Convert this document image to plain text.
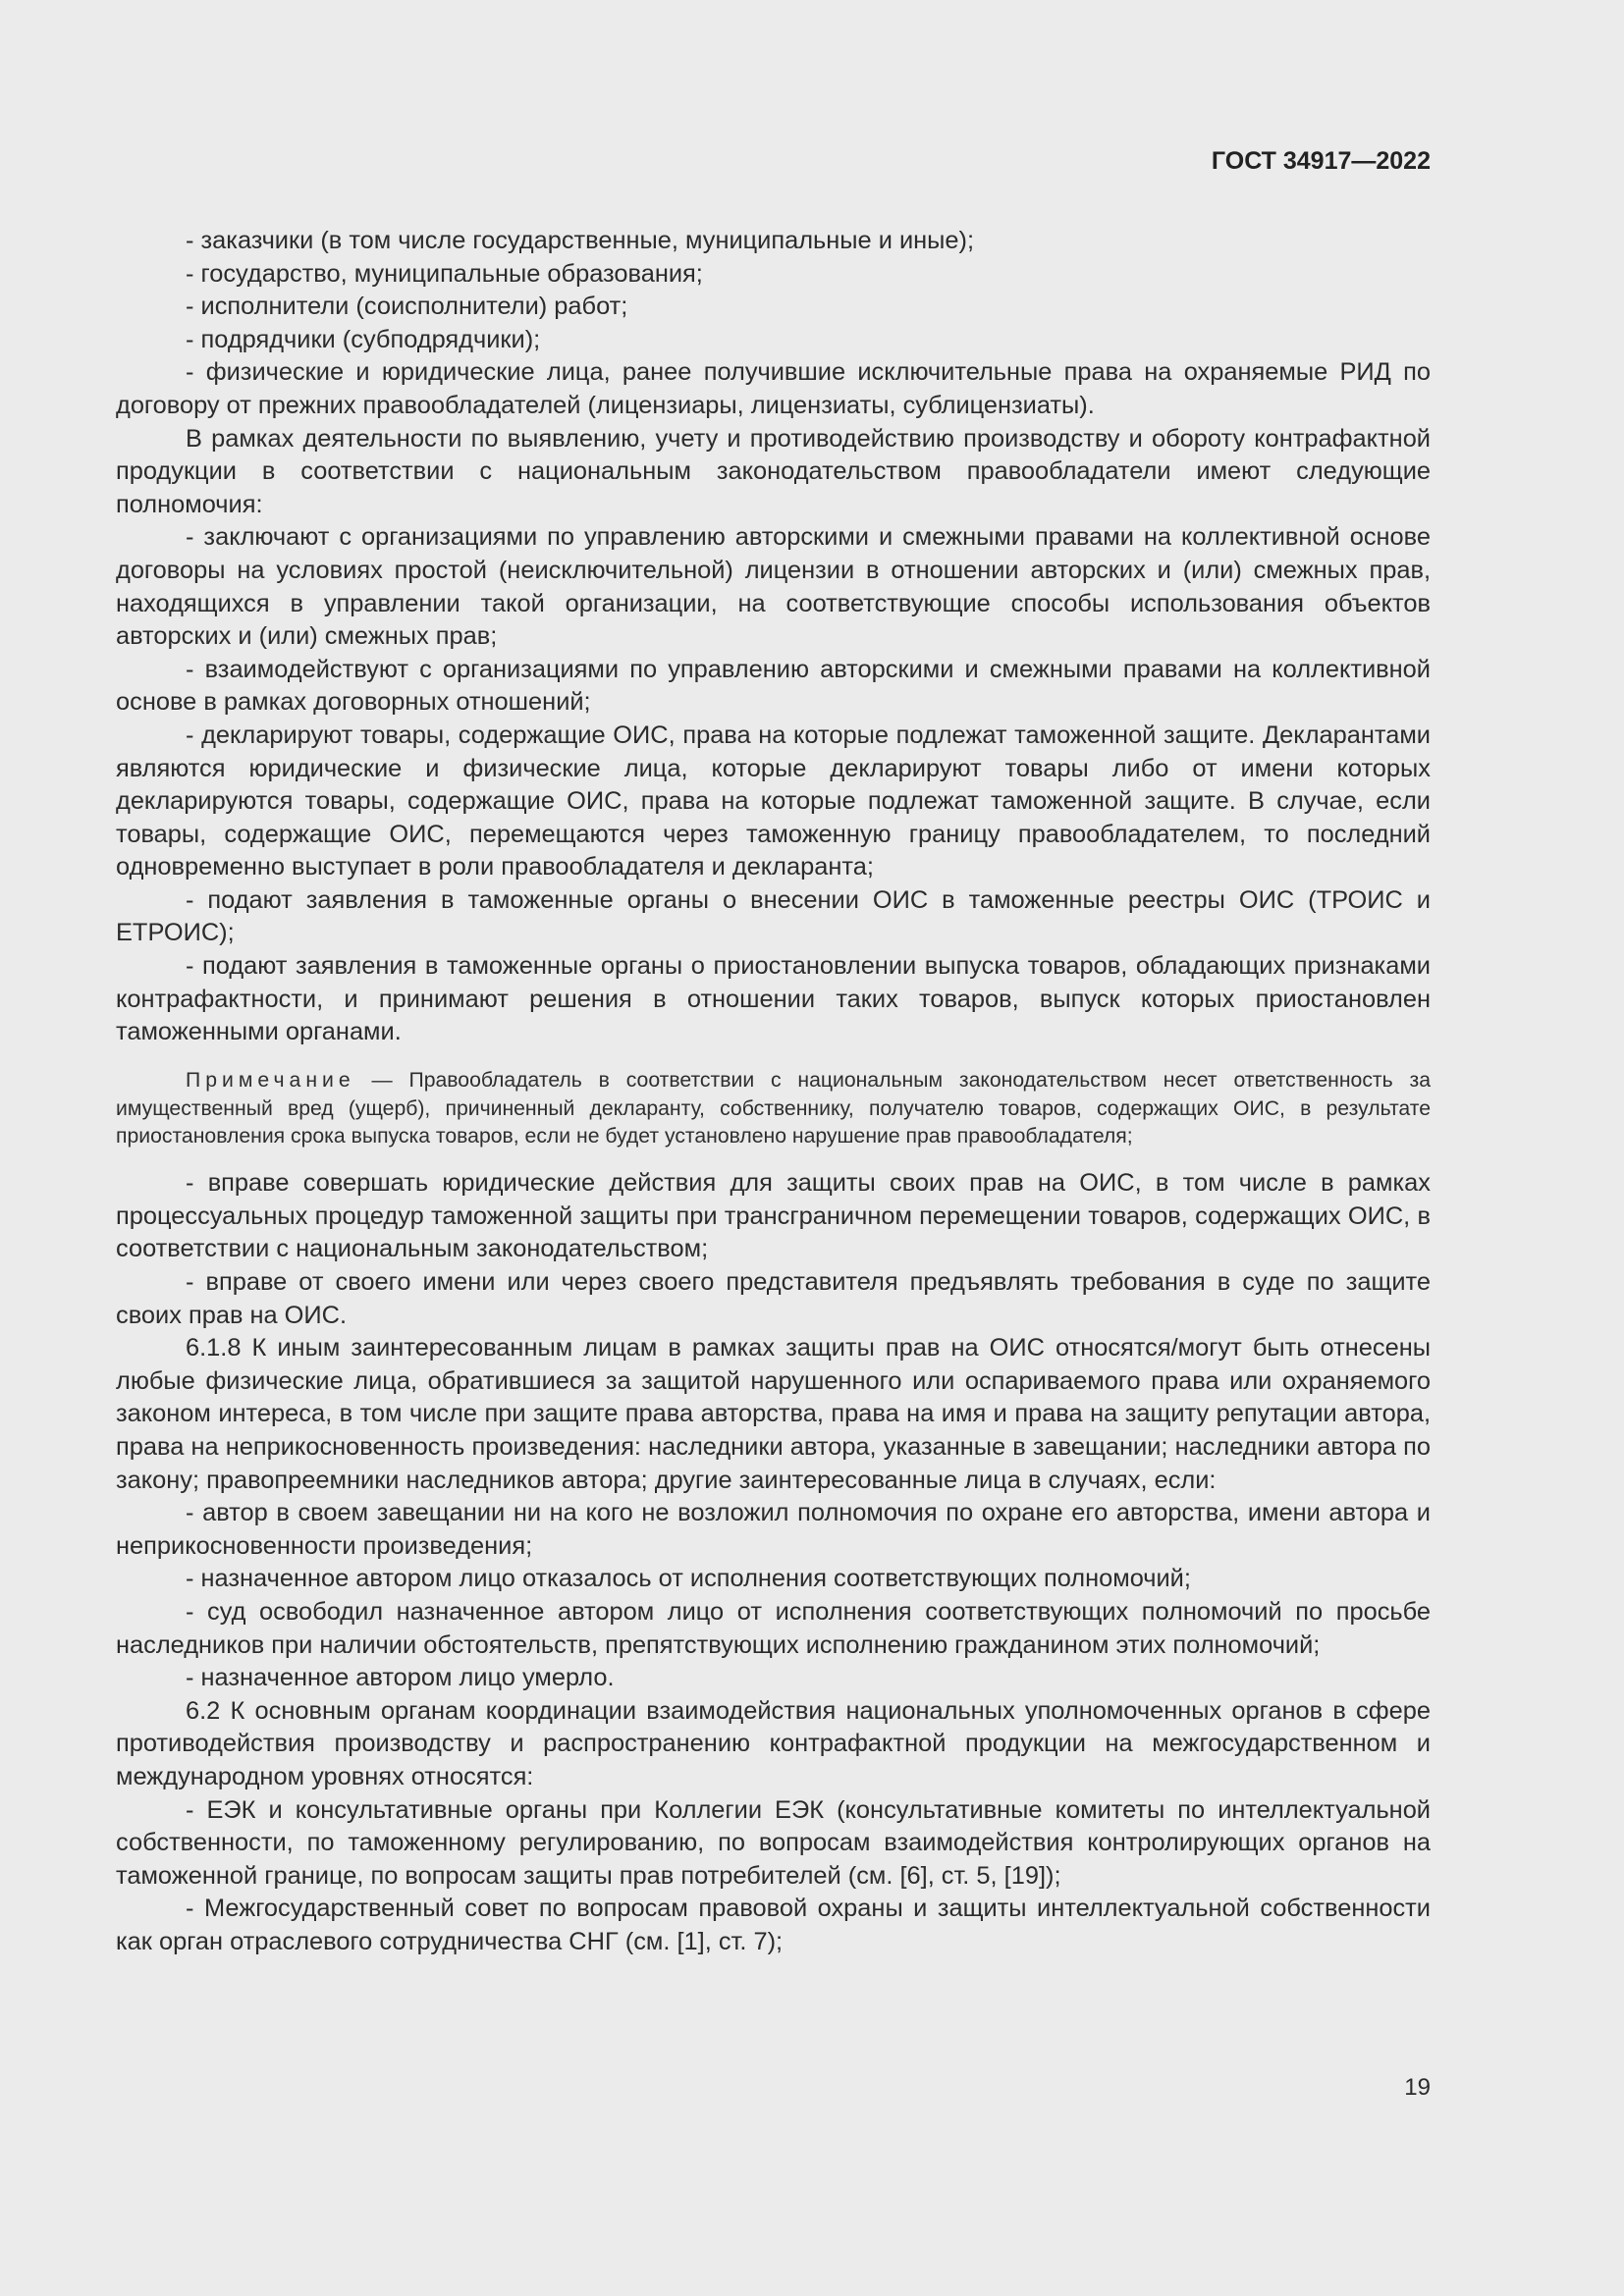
ГОСТ 34917—2022

- заказчики (в том числе государственные, муниципальные и иные);

- государство, муниципальные образования;

- исполнители (соисполнители) работ;

- подрядчики (субподрядчики);

- физические и юридические лица, ранее получившие исключительные права на охраняемые РИД по договору от прежних правообладателей (лицензиары, лицензиаты, сублицензиаты).

В рамках деятельности по выявлению, учету и противодействию производству и обороту контрафактной продукции в соответствии с национальным законодательством правообладатели имеют следующие полномочия:

- заключают с организациями по управлению авторскими и смежными правами на коллективной основе договоры на условиях простой (неисключительной) лицензии в отношении авторских и (или) смежных прав, находящихся в управлении такой организации, на соответствующие способы использования объектов авторских и (или) смежных прав;

- взаимодействуют с организациями по управлению авторскими и смежными правами на коллективной основе в рамках договорных отношений;

- декларируют товары, содержащие ОИС, права на которые подлежат таможенной защите. Декларантами являются юридические и физические лица, которые декларируют товары либо от имени которых декларируются товары, содержащие ОИС, права на которые подлежат таможенной защите. В случае, если товары, содержащие ОИС, перемещаются через таможенную границу правообладателем, то последний одновременно выступает в роли правообладателя и декларанта;

- подают заявления в таможенные органы о внесении ОИС в таможенные реестры ОИС (ТРОИС и ЕТРОИС);

- подают заявления в таможенные органы о приостановлении выпуска товаров, обладающих признаками контрафактности, и принимают решения в отношении таких товаров, выпуск которых приостановлен таможенными органами.

Примечание — Правообладатель в соответствии с национальным законодательством несет ответственность за имущественный вред (ущерб), причиненный декларанту, собственнику, получателю товаров, содержащих ОИС, в результате приостановления срока выпуска товаров, если не будет установлено нарушение прав правообладателя;

- вправе совершать юридические действия для защиты своих прав на ОИС, в том числе в рамках процессуальных процедур таможенной защиты при трансграничном перемещении товаров, содержащих ОИС, в соответствии с национальным законодательством;

- вправе от своего имени или через своего представителя предъявлять требования в суде по защите своих прав на ОИС.

6.1.8 К иным заинтересованным лицам в рамках защиты прав на ОИС относятся/могут быть отнесены любые физические лица, обратившиеся за защитой нарушенного или оспариваемого права или охраняемого законом интереса, в том числе при защите права авторства, права на имя и права на защиту репутации автора, права на неприкосновенность произведения: наследники автора, указанные в завещании; наследники автора по закону; правопреемники наследников автора; другие заинтересованные лица в случаях, если:

- автор в своем завещании ни на кого не возложил полномочия по охране его авторства, имени автора и неприкосновенности произведения;

- назначенное автором лицо отказалось от исполнения соответствующих полномочий;

- суд освободил назначенное автором лицо от исполнения соответствующих полномочий по просьбе наследников при наличии обстоятельств, препятствующих исполнению гражданином этих полномочий;

- назначенное автором лицо умерло.

6.2 К основным органам координации взаимодействия национальных уполномоченных органов в сфере противодействия производству и распространению контрафактной продукции на межгосударственном и международном уровнях относятся:

- ЕЭК и консультативные органы при Коллегии ЕЭК (консультативные комитеты по интеллектуальной собственности, по таможенному регулированию, по вопросам взаимодействия контролирующих органов на таможенной границе, по вопросам защиты прав потребителей (см. [6], ст. 5, [19]);

- Межгосударственный совет по вопросам правовой охраны и защиты интеллектуальной собственности как орган отраслевого сотрудничества СНГ (см. [1], ст. 7);

19
